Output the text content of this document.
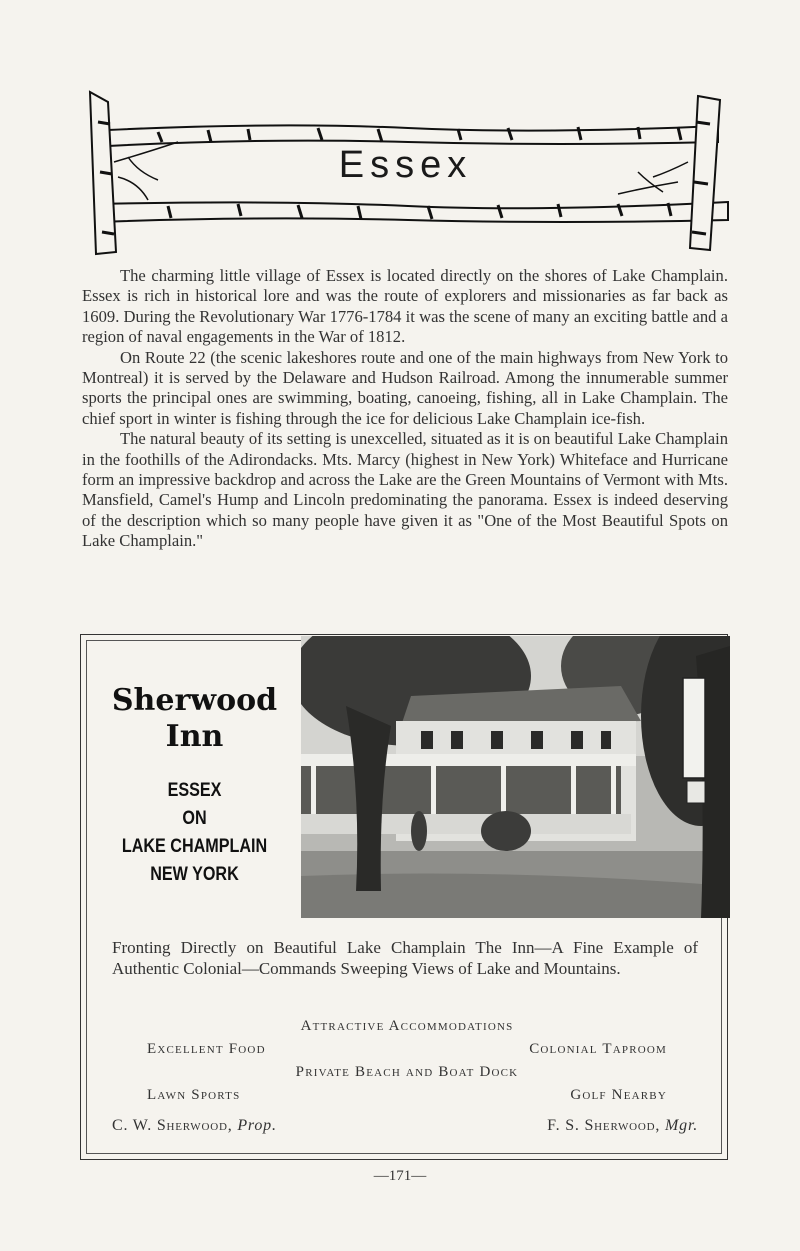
Essex

The charming little village of Essex is located directly on the shores of Lake Champlain. Essex is rich in historical lore and was the route of explorers and missionaries as far back as 1609. During the Revolutionary War 1776-1784 it was the scene of many an exciting battle and a region of naval engagements in the War of 1812.

On Route 22 (the scenic lakeshores route and one of the main highways from New York to Montreal) it is served by the Delaware and Hudson Railroad. Among the innumerable summer sports the principal ones are swimming, boating, canoeing, fishing, all in Lake Champlain. The chief sport in winter is fishing through the ice for delicious Lake Champlain ice-fish.

The natural beauty of its setting is unexcelled, situated as it is on beautiful Lake Champlain in the foothills of the Adirondacks. Mts. Marcy (highest in New York) Whiteface and Hurricane form an impressive backdrop and across the Lake are the Green Mountains of Vermont with Mts. Mansfield, Camel's Hump and Lincoln predominating the panorama. Essex is indeed deserving of the description which so many people have given it as "One of the Most Beautiful Spots on Lake Champlain."

Sherwood
Inn
ESSEX
ON
LAKE CHAMPLAIN
NEW YORK
Fronting Directly on Beautiful Lake Champlain The Inn—A Fine Example of Authentic Colonial—Commands Sweeping Views of Lake and Mountains.
Attractive Accommodations
Excellent Food	Colonial Taproom
Private Beach and Boat Dock
Lawn Sports	Golf Nearby
C. W. Sherwood, Prop.	F. S. Sherwood, Mgr.
—171—
